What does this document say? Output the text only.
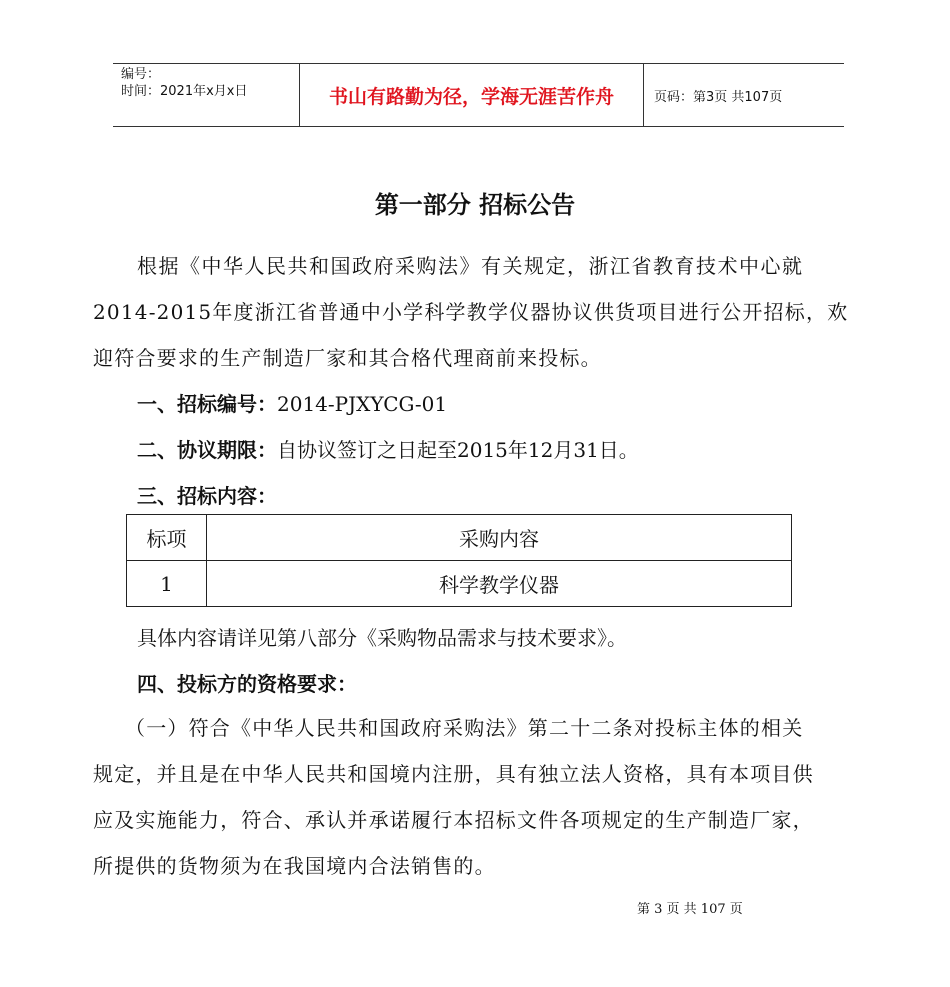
编号：
时间：2021年x月x日	书山有路勤为径，学海无涯苦作舟	页码：第3页 共107页
第一部分 招标公告
根据《中华人民共和国政府采购法》有关规定，浙江省教育技术中心就
2014-2015年度浙江省普通中小学科学教学仪器协议供货项目进行公开招标，欢
迎符合要求的生产制造厂家和其合格代理商前来投标。
一、招标编号：2014-PJXYCG-01
二、协议期限：自协议签订之日起至2015年12月31日。
三、招标内容：
标项	采购内容
1	科学教学仪器
具体内容请详见第八部分《采购物品需求与技术要求》。
四、投标方的资格要求：
（一）符合《中华人民共和国政府采购法》第二十二条对投标主体的相关
规定，并且是在中华人民共和国境内注册，具有独立法人资格，具有本项目供
应及实施能力，符合、承认并承诺履行本招标文件各项规定的生产制造厂家，
所提供的货物须为在我国境内合法销售的。
第 3 页 共 107 页
